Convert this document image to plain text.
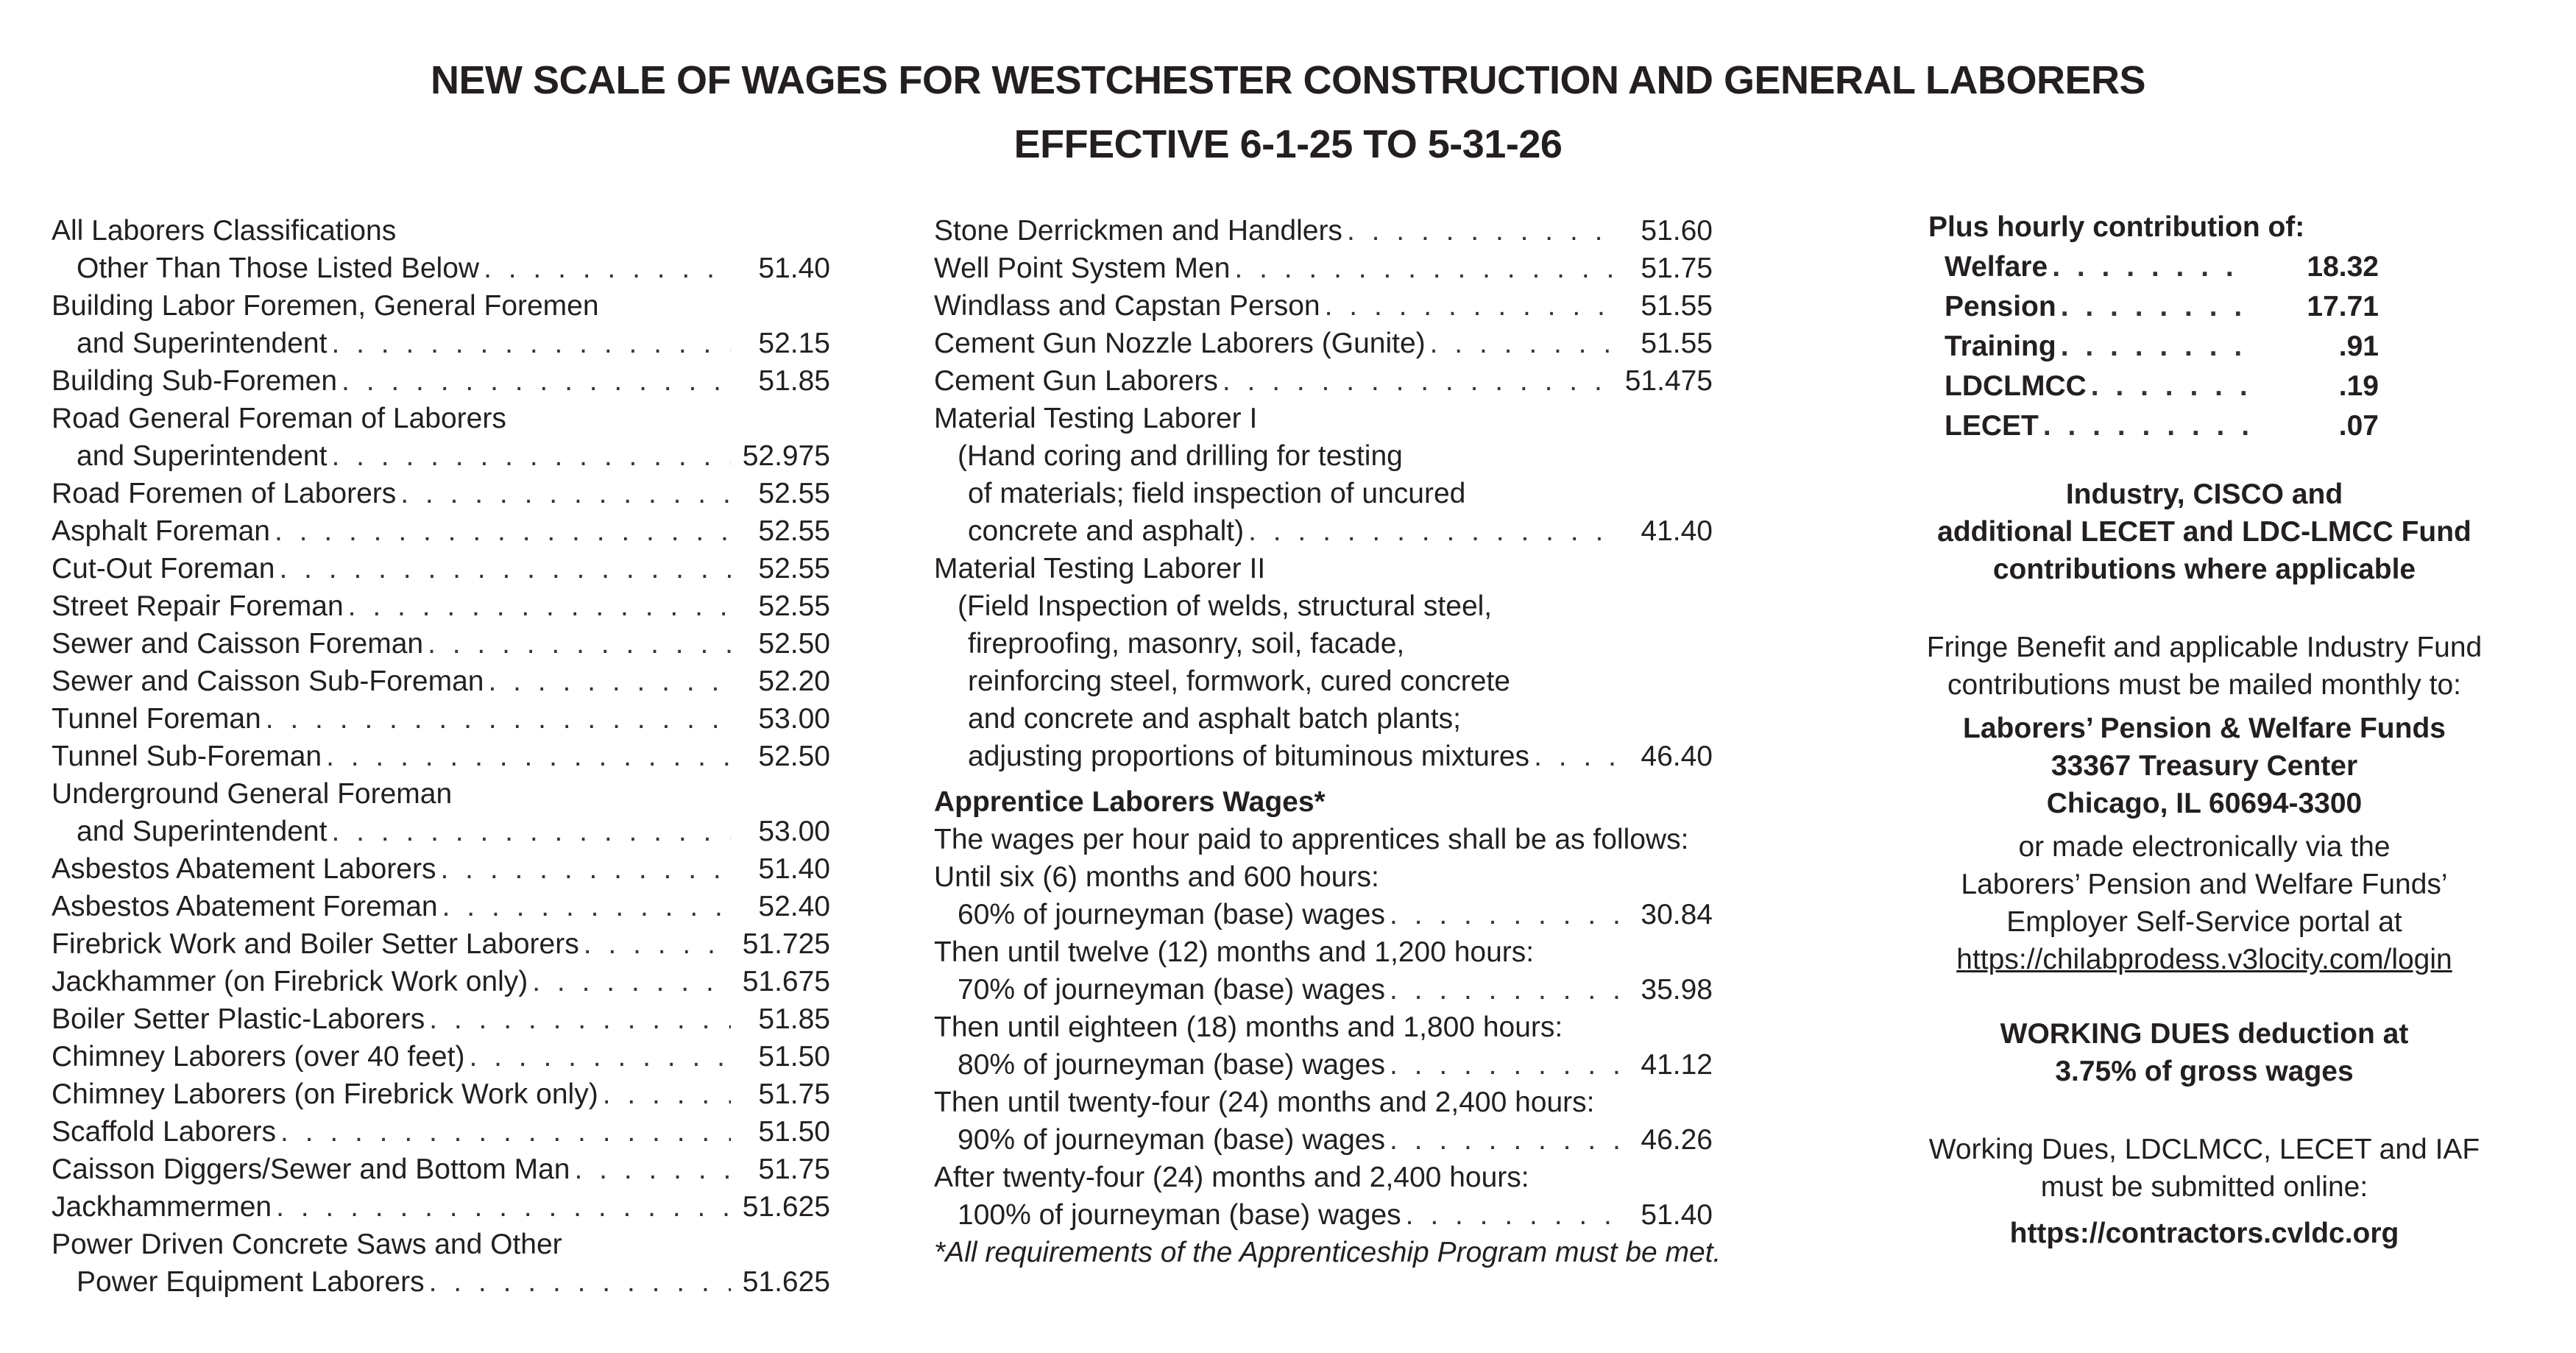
NEW SCALE OF WAGES FOR WESTCHESTER CONSTRUCTION AND GENERAL LABORERS
EFFECTIVE 6-1-25 TO 5-31-26
All Laborers Classifications
Other Than Those Listed Below . . .	51.40
Building Labor Foremen, General Foremen
and Superintendent . . .	52.15
Building Sub-Foremen . . .	51.85
Road General Foreman of Laborers
and Superintendent . . .	52.975
Road Foremen of Laborers . . .	52.55
Asphalt Foreman . . .	52.55
Cut-Out Foreman . . .	52.55
Street Repair Foreman . . .	52.55
Sewer and Caisson Foreman . . .	52.50
Sewer and Caisson Sub-Foreman . . .	52.20
Tunnel Foreman . . .	53.00
Tunnel Sub-Foreman . . .	52.50
Underground General Foreman
and Superintendent . . .	53.00
Asbestos Abatement Laborers . . .	51.40
Asbestos Abatement Foreman . . .	52.40
Firebrick Work and Boiler Setter Laborers . . .	51.725
Jackhammer (on Firebrick Work only) . . .	51.675
Boiler Setter Plastic-Laborers . . .	51.85
Chimney Laborers (over 40 feet) . . .	51.50
Chimney Laborers (on Firebrick Work only) . . .	51.75
Scaffold Laborers . . .	51.50
Caisson Diggers/Sewer and Bottom Man . . .	51.75
Jackhammermen . . .	51.625
Power Driven Concrete Saws and Other
Power Equipment Laborers . . .	51.625
Stone Derrickmen and Handlers . . .	51.60
Well Point System Men . . .	51.75
Windlass and Capstan Person . . .	51.55
Cement Gun Nozzle Laborers (Gunite) . . .	51.55
Cement Gun Laborers . . .	51.475
Material Testing Laborer I
(Hand coring and drilling for testing
of materials; field inspection of uncured
concrete and asphalt) . . .	41.40
Material Testing Laborer II
(Field Inspection of welds, structural steel,
fireproofing, masonry, soil, facade,
reinforcing steel, formwork, cured concrete
and concrete and asphalt batch plants;
adjusting proportions of bituminous mixtures . . .	46.40
Apprentice Laborers Wages*
The wages per hour paid to apprentices shall be as follows:
Until six (6) months and 600 hours:
60% of journeyman (base) wages . . .	30.84
Then until twelve (12) months and 1,200 hours:
70% of journeyman (base) wages . . .	35.98
Then until eighteen (18) months and 1,800 hours:
80% of journeyman (base) wages . . .	41.12
Then until twenty-four (24) months and 2,400 hours:
90% of journeyman (base) wages . . .	46.26
After twenty-four (24) months and 2,400 hours:
100% of journeyman (base) wages . . .	51.40
*All requirements of the Apprenticeship Program must be met.
Plus hourly contribution of:
Welfare . . .	18.32
Pension . . .	17.71
Training . . .	.91
LDCLMCC . . .	.19
LECET . . .	.07
Industry, CISCO and
additional LECET and LDC-LMCC Fund
contributions where applicable
Fringe Benefit and applicable Industry Fund
contributions must be mailed monthly to:
Laborers’ Pension & Welfare Funds
33367 Treasury Center
Chicago, IL 60694-3300
or made electronically via the
Laborers’ Pension and Welfare Funds’
Employer Self-Service portal at
https://chilabprodess.v3locity.com/login
WORKING DUES deduction at
3.75% of gross wages
Working Dues, LDCLMCC, LECET and IAF
must be submitted online:
https://contractors.cvldc.org
